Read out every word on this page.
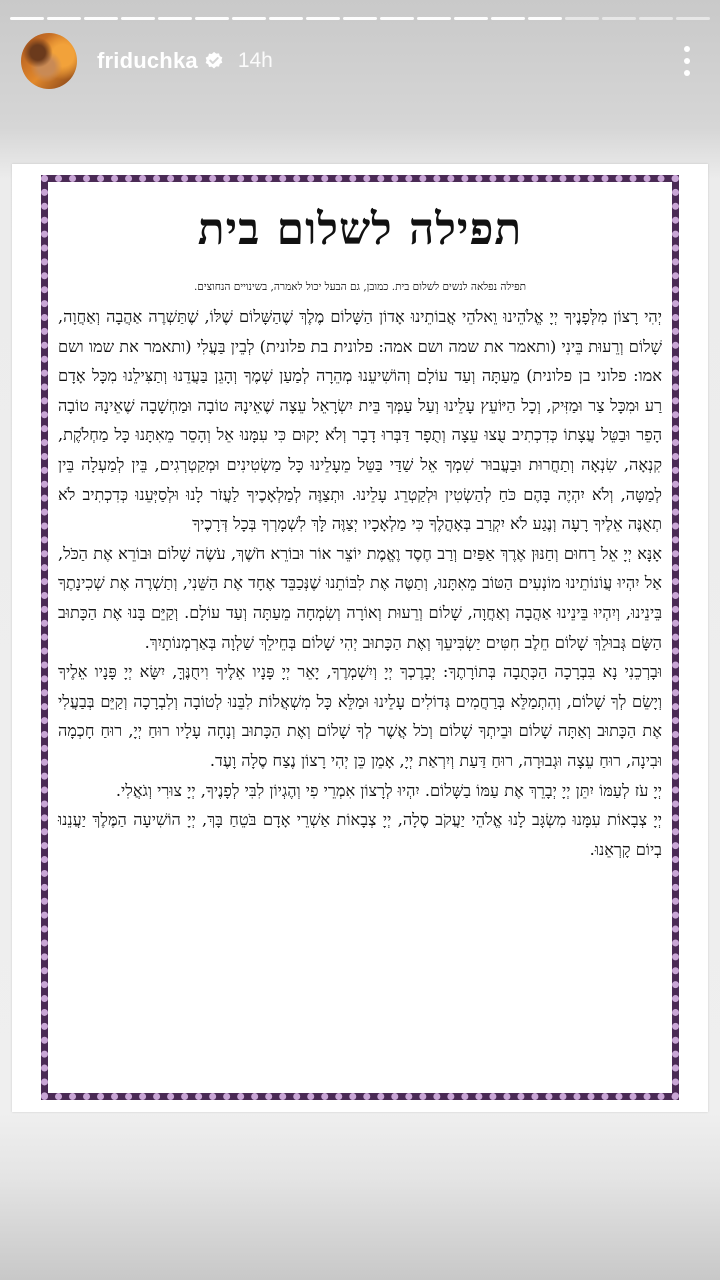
friduchka 14h
תפילה לשלום בית
תפילה נפלאה לנשים לשלום בית. כמובן, גם הבעל יכול לאמרה, בשינויים הנחוצים.

יְהִי רָצוֹן מִלְּפָנֶיךָ יְיָ אֱלֹהֵינוּ וֵאלֹהֵי אֲבוֹתֵינוּ אָדוֹן הַשָּׁלוֹם מֶלֶךְ שֶׁהַשָּׁלוֹם שֶׁלּוֹ, שֶׁתַּשְׁרֶה אַהֲבָה וְאַחֲוָה, שָׁלוֹם וְרֵעוּת בֵּינִי (ותאמר את שמה ושם אמה: פלונית בת פלונית) לְבֵין בַּעֲלִי (ותאמר את שמו ושם אמו: פלוני בן פלונית) מֵעַתָּה וְעַד עוֹלָם וְהוֹשִׁיעֵנוּ מְהֵרָה לְמַעַן שְׁמֶךָ וְהָגֵן בַּעֲדֵנוּ וְתַצִּילֵנוּ מִכָּל אָדָם רַע וּמִכָּל צַר וּמַזִּיק, וְכָל הַיּוֹעֵץ עָלֵינוּ וְעַל עַמְּךָ בֵּית יִשְׂרָאֵל עֵצָה שֶׁאֵינָהּ טוֹבָה וּמַחְשָׁבָה שֶׁאֵינָהּ טוֹבָה הָפֵר וּבַטֵּל עֲצָתוֹ כְּדִכְתִיב עֻצוּ עֵצָה וְתֻפָר דַּבְּרוּ דָבָר וְלֹא יָקוּם כִּי עִמָּנוּ אֵל וְהָסֵר מֵאִתָּנוּ כָּל מַחְלֹקֶת, קִנְאָה, שִׂנְאָה וְתַחֲרוּת וּבַעֲבוּר שִׁמְךָ אֵל שַׁדַּי בַּטֵּל מֵעָלֵינוּ כָּל מַשְׂטִינִים וּמְקַטְרְגִים, בֵּין לְמַעְלָה בֵּין לְמַטָּה, וְלֹא יִהְיֶה בָּהֶם כֹּחַ לְהַשְׂטִין וּלְקַטְרֵג עָלֵינוּ. וּתְצַוֶּה לְמַלְאָכֶיךָ לַעֲזֹר לָנוּ וּלְסַיְּעֵנוּ כְּדִכְתִיב לֹא תְאֻנֶּה אֵלֶיךָ רָעָה וְנֶגַע לֹא יִקְרַב בְּאָהֳלֶךָ כִּי מַלְאָכָיו יְצַוֶּה לָּךְ לִשְׁמָרְךָ בְּכָל דְּרָכֶיךָ

אָנָּא יְיָ אֵל רַחוּם וְחַנּוּן אֶרֶךְ אַפַּיִם וְרַב חֶסֶד וֶאֱמֶת יוֹצֵר אוֹר וּבוֹרֵא חֹשֶׁךְ, עֹשֶׂה שָׁלוֹם וּבוֹרֵא אֶת הַכֹּל, אַל יִהְיוּ עֲוֹנוֹתֵינוּ מוֹנְעִים הַטּוֹב מֵאִתָּנוּ, וְתַטֶּה אֶת לִבּוֹתֵנוּ שֶׁנְּכַבֵּד אֶחָד אֶת הַשֵּׁנִי, וְתַשְׁרֶה אֶת שְׁכִינָתֶךָ בֵּינֵינוּ, וְיִהְיוּ בֵּינֵינוּ אַהֲבָה וְאַחֲוָה, שָׁלוֹם וְרֵעוּת וְאוֹרָה וְשִׂמְחָה מֵעַתָּה וְעַד עוֹלָם. וְקַיֵּם בָּנוּ אֶת הַכָּתוּב הַשָּׂם גְּבוּלֵךְ שָׁלוֹם חֵלֶב חִטִּים יַשְׂבִּיעֵךְ וְאֶת הַכָּתוּב יְהִי שָׁלוֹם בְּחֵילֵךְ שַׁלְוָה בְּאַרְמְנוֹתָיִךְ.

וּבָרְכֵנִי נָא בִּבְרָכָה הַכְּתֻבָה בְּתוֹרָתֶךָ: יְבָרֶכְךָ יְיָ וְיִשְׁמְרֶךָ, יָאֵר יְיָ פָּנָיו אֵלֶיךָ וִיחֻנֶּךָּ, יִשָּׂא יְיָ פָּנָיו אֵלֶיךָ וְיָשֵׂם לְךָ שָׁלוֹם, וְהִתְמַלֵּא בְּרַחֲמִים גְּדוֹלִים עָלֵינוּ וּמַלֵּא כָּל מִשְׁאֲלוֹת לִבֵּנוּ לְטוֹבָה וְלִבְרָכָה וְקַיֵּם בְּבַעֲלִי אֶת הַכָּתוּב וְאַתָּה שָׁלוֹם וּבֵיתְךָ שָׁלוֹם וְכֹל אֲשֶׁר לְךָ שָׁלוֹם וְאֶת הַכָּתוּב וְנָחָה עָלָיו רוּחַ יְיָ, רוּחַ חָכְמָה וּבִינָה, רוּחַ עֵצָה וּגְבוּרָה, רוּחַ דַּעַת וְיִרְאַת יְיָ, אָמֵן כֵּן יְהִי רָצוֹן נֶצַח סֶלָה וָעֶד.

יְיָ עֹז לְעַמּוֹ יִתֵּן יְיָ יְבָרֵךְ אֶת עַמּוֹ בַשָּׁלוֹם. יִהְיוּ לְרָצוֹן אִמְרֵי פִי וְהֶגְיוֹן לִבִּי לְפָנֶיךָ, יְיָ צוּרִי וְגֹאֲלִי.

יְיָ צְבָאוֹת עִמָּנוּ מִשְׂגָּב לָנוּ אֱלֹהֵי יַעֲקֹב סֶלָה, יְיָ צְבָאוֹת אַשְׁרֵי אָדָם בֹּטֵחַ בָּךְ, יְיָ הוֹשִׁיעָה הַמֶּלֶךְ יַעֲנֵנוּ בְיוֹם קָרְאֵנוּ.
